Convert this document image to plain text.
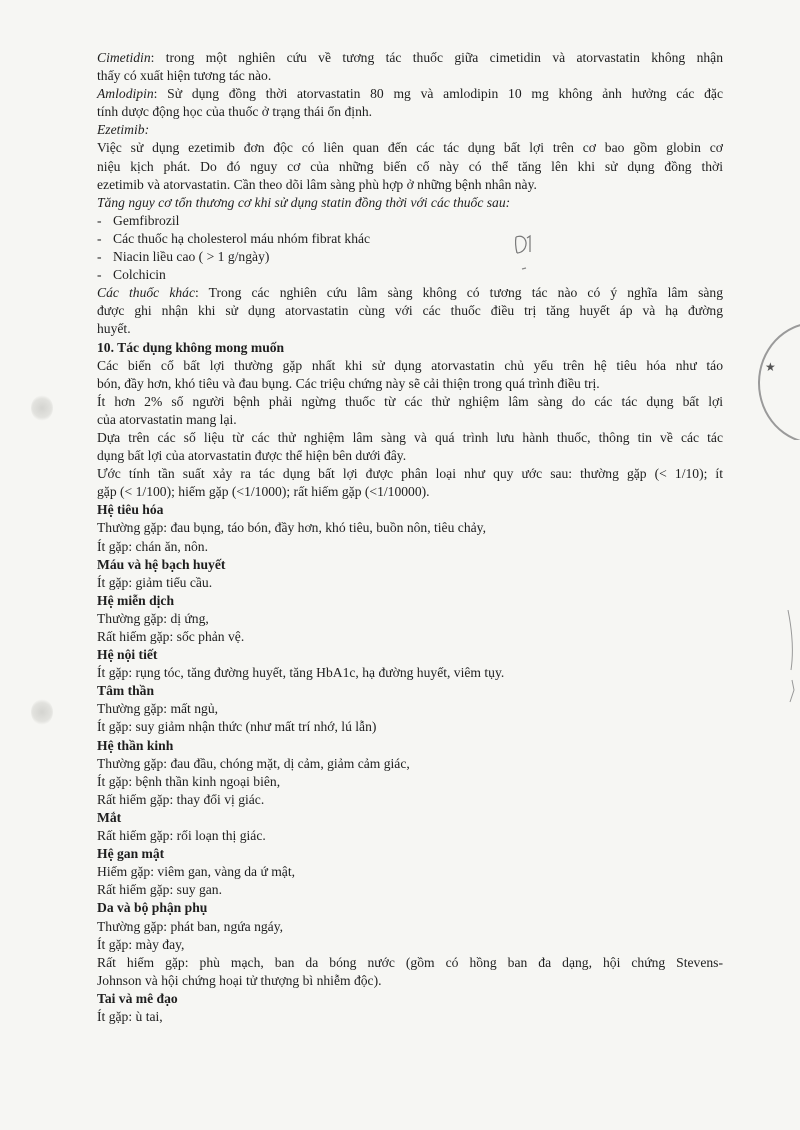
★
Cimetidin: trong một nghiên cứu về tương tác thuốc giữa cimetidin và atorvastatin không nhận
thấy có xuất hiện tương tác nào.
Amlodipin: Sử dụng đồng thời atorvastatin 80 mg và amlodipin 10 mg không ảnh hưởng các đặc
tính dược động học của thuốc ở trạng thái ổn định.
Ezetimib:
Việc sử dụng ezetimib đơn độc có liên quan đến các tác dụng bất lợi trên cơ bao gồm globin cơ
niệu kịch phát. Do đó nguy cơ của những biến cố này có thể tăng lên khi sử dụng đồng thời
ezetimib và atorvastatin. Cần theo dõi lâm sàng phù hợp ở những bệnh nhân này.
Tăng nguy cơ tổn thương cơ khi sử dụng statin đồng thời với các thuốc sau:
- Gemfibrozil
- Các thuốc hạ cholesterol máu nhóm fibrat khác
- Niacin liều cao ( > 1 g/ngày)
- Colchicin
Các thuốc khác: Trong các nghiên cứu lâm sàng không có tương tác nào có ý nghĩa lâm sàng
được ghi nhận khi sử dụng atorvastatin cùng với các thuốc điều trị tăng huyết áp và hạ đường
huyết.
10. Tác dụng không mong muốn
Các biến cố bất lợi thường gặp nhất khi sử dụng atorvastatin chủ yếu trên hệ tiêu hóa như táo
bón, đầy hơn, khó tiêu và đau bụng. Các triệu chứng này sẽ cải thiện trong quá trình điều trị.
Ít hơn 2% số người bệnh phải ngừng thuốc từ các thử nghiệm lâm sàng do các tác dụng bất lợi
của atorvastatin mang lại.
Dựa trên các số liệu từ các thử nghiệm lâm sàng và quá trình lưu hành thuốc, thông tin về các tác
dụng bất lợi của atorvastatin được thể hiện bên dưới đây.
Ước tính tần suất xảy ra tác dụng bất lợi được phân loại như quy ước sau: thường gặp (< 1/10); ít
gặp (< 1/100); hiếm gặp (<1/1000); rất hiếm gặp (<1/10000).
Hệ tiêu hóa
Thường gặp: đau bụng, táo bón, đầy hơn, khó tiêu, buồn nôn, tiêu chảy,
Ít gặp: chán ăn, nôn.
Máu và hệ bạch huyết
Ít gặp: giảm tiểu cầu.
Hệ miễn dịch
Thường gặp: dị ứng,
Rất hiếm gặp: sốc phản vệ.
Hệ nội tiết
Ít gặp: rụng tóc, tăng đường huyết, tăng HbA1c, hạ đường huyết, viêm tụy.
Tâm thần
Thường gặp: mất ngủ,
Ít gặp: suy giảm nhận thức (như mất trí nhớ, lú lẫn)
Hệ thần kinh
Thường gặp: đau đầu, chóng mặt, dị cảm, giảm cảm giác,
Ít gặp: bệnh thần kinh ngoại biên,
Rất hiếm gặp: thay đổi vị giác.
Mắt
Rất hiếm gặp: rối loạn thị giác.
Hệ gan mật
Hiếm gặp: viêm gan, vàng da ứ mật,
Rất hiếm gặp: suy gan.
Da và bộ phận phụ
Thường gặp: phát ban, ngứa ngáy,
Ít gặp: mày đay,
Rất hiếm gặp: phù mạch, ban da bóng nước (gồm có hồng ban đa dạng, hội chứng Stevens-
Johnson và hội chứng hoại tử thượng bì nhiễm độc).
Tai và mê đạo
Ít gặp: ù tai,
